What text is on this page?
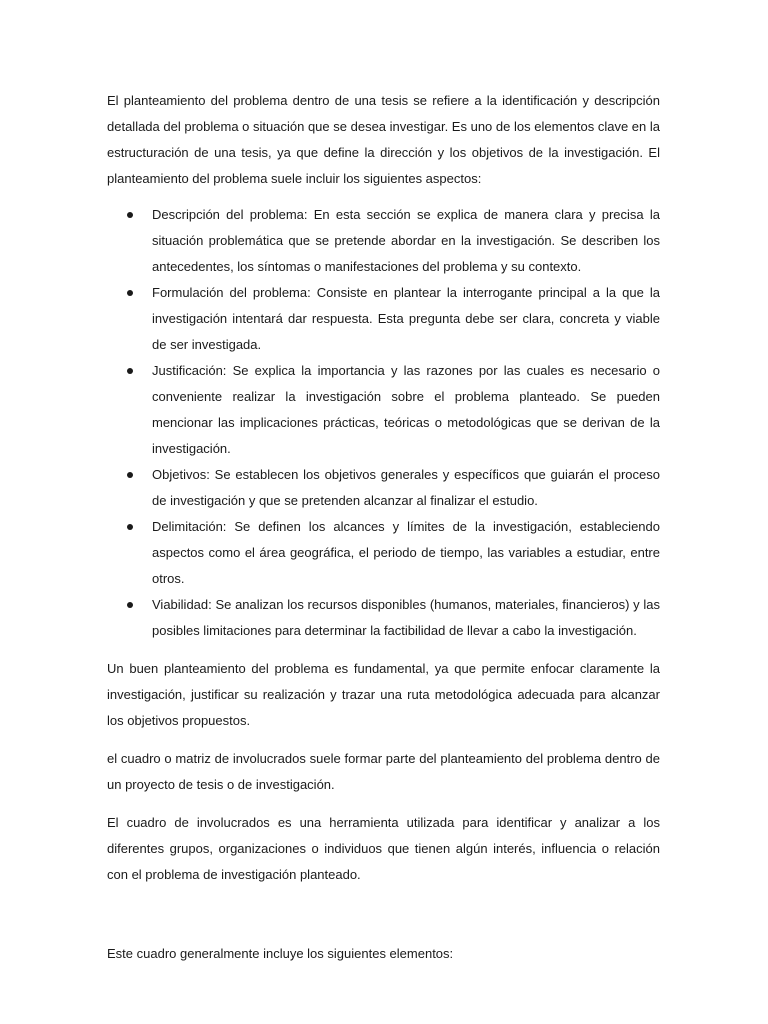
El planteamiento del problema dentro de una tesis se refiere a la identificación y descripción detallada del problema o situación que se desea investigar. Es uno de los elementos clave en la estructuración de una tesis, ya que define la dirección y los objetivos de la investigación. El planteamiento del problema suele incluir los siguientes aspectos:

Descripción del problema: En esta sección se explica de manera clara y precisa la situación problemática que se pretende abordar en la investigación. Se describen los antecedentes, los síntomas o manifestaciones del problema y su contexto.
Formulación del problema: Consiste en plantear la interrogante principal a la que la investigación intentará dar respuesta. Esta pregunta debe ser clara, concreta y viable de ser investigada.
Justificación: Se explica la importancia y las razones por las cuales es necesario o conveniente realizar la investigación sobre el problema planteado. Se pueden mencionar las implicaciones prácticas, teóricas o metodológicas que se derivan de la investigación.
Objetivos: Se establecen los objetivos generales y específicos que guiarán el proceso de investigación y que se pretenden alcanzar al finalizar el estudio.
Delimitación: Se definen los alcances y límites de la investigación, estableciendo aspectos como el área geográfica, el periodo de tiempo, las variables a estudiar, entre otros.
Viabilidad: Se analizan los recursos disponibles (humanos, materiales, financieros) y las posibles limitaciones para determinar la factibilidad de llevar a cabo la investigación.

Un buen planteamiento del problema es fundamental, ya que permite enfocar claramente la investigación, justificar su realización y trazar una ruta metodológica adecuada para alcanzar los objetivos propuestos.

el cuadro o matriz de involucrados suele formar parte del planteamiento del problema dentro de un proyecto de tesis o de investigación.

El cuadro de involucrados es una herramienta utilizada para identificar y analizar a los diferentes grupos, organizaciones o individuos que tienen algún interés, influencia o relación con el problema de investigación planteado.

Este cuadro generalmente incluye los siguientes elementos:
